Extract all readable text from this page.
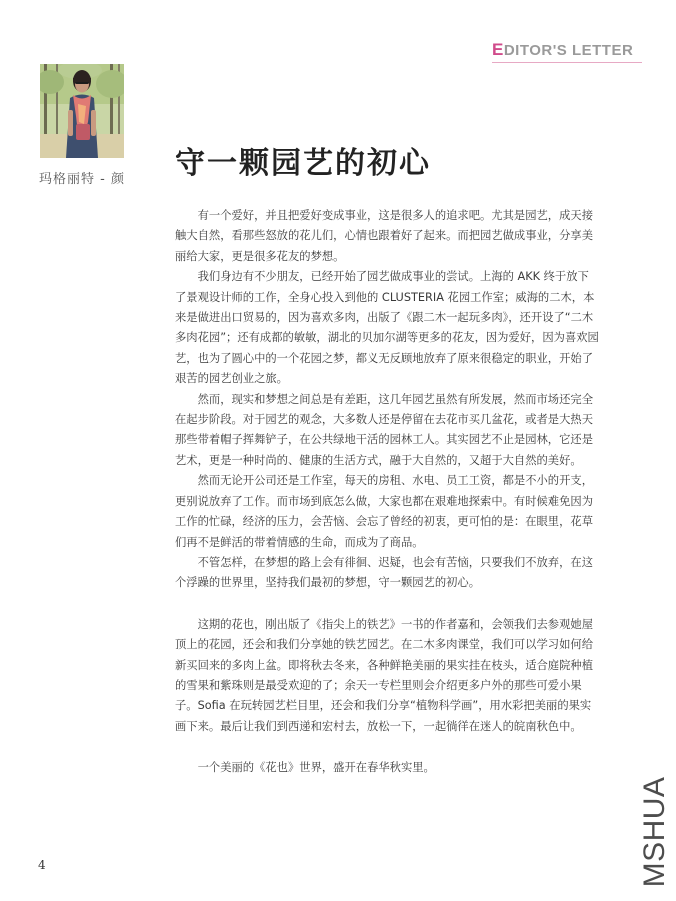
EDITOR'S LETTER
玛格丽特 - 颜	守一颗园艺的初心

有一个爱好，并且把爱好变成事业，这是很多人的追求吧。尤其是园艺，成天接触大自然，看那些怒放的花儿们，心情也跟着好了起来。而把园艺做成事业，分享美丽给大家，更是很多花友的梦想。

我们身边有不少朋友，已经开始了园艺做成事业的尝试。上海的 AKK 终于放下了景观设计师的工作，全身心投入到他的 CLUSTERIA 花园工作室；威海的二木，本来是做进出口贸易的，因为喜欢多肉，出版了《跟二木一起玩多肉》，还开设了“二木多肉花园”；还有成都的敏敏，湖北的贝加尔湖等更多的花友，因为爱好，因为喜欢园艺，也为了圆心中的一个花园之梦，都义无反顾地放弃了原来很稳定的职业，开始了艰苦的园艺创业之旅。

然而，现实和梦想之间总是有差距，这几年园艺虽然有所发展，然而市场还完全在起步阶段。对于园艺的观念，大多数人还是停留在去花市买几盆花，或者是大热天那些带着帽子挥舞铲子，在公共绿地干活的园林工人。其实园艺不止是园林，它还是艺术，更是一种时尚的、健康的生活方式，融于大自然的，又超于大自然的美好。

然而无论开公司还是工作室，每天的房租、水电、员工工资，都是不小的开支，更别说放弃了工作。而市场到底怎么做，大家也都在艰难地探索中。有时候难免因为工作的忙碌，经济的压力，会苦恼、会忘了曾经的初衷，更可怕的是：在眼里，花草们再不是鲜活的带着情感的生命，而成为了商品。

不管怎样，在梦想的路上会有徘徊、迟疑，也会有苦恼，只要我们不放弃，在这个浮躁的世界里，坚持我们最初的梦想，守一颗园艺的初心。

这期的花也，刚出版了《指尖上的铁艺》一书的作者嘉和，会领我们去参观她屋顶上的花园，还会和我们分享她的铁艺园艺。在二木多肉课堂，我们可以学习如何给新买回来的多肉上盆。即将秋去冬来，各种鲜艳美丽的果实挂在枝头，适合庭院种植的雪果和紫珠则是最受欢迎的了；余天一专栏里则会介绍更多户外的那些可爱小果子。Sofia 在玩转园艺栏目里，还会和我们分享“植物科学画”，用水彩把美丽的果实画下来。最后让我们到西递和宏村去，放松一下，一起徜徉在迷人的皖南秋色中。

一个美丽的《花也》世界，盛开在春华秋实里。

4	MSHUA
